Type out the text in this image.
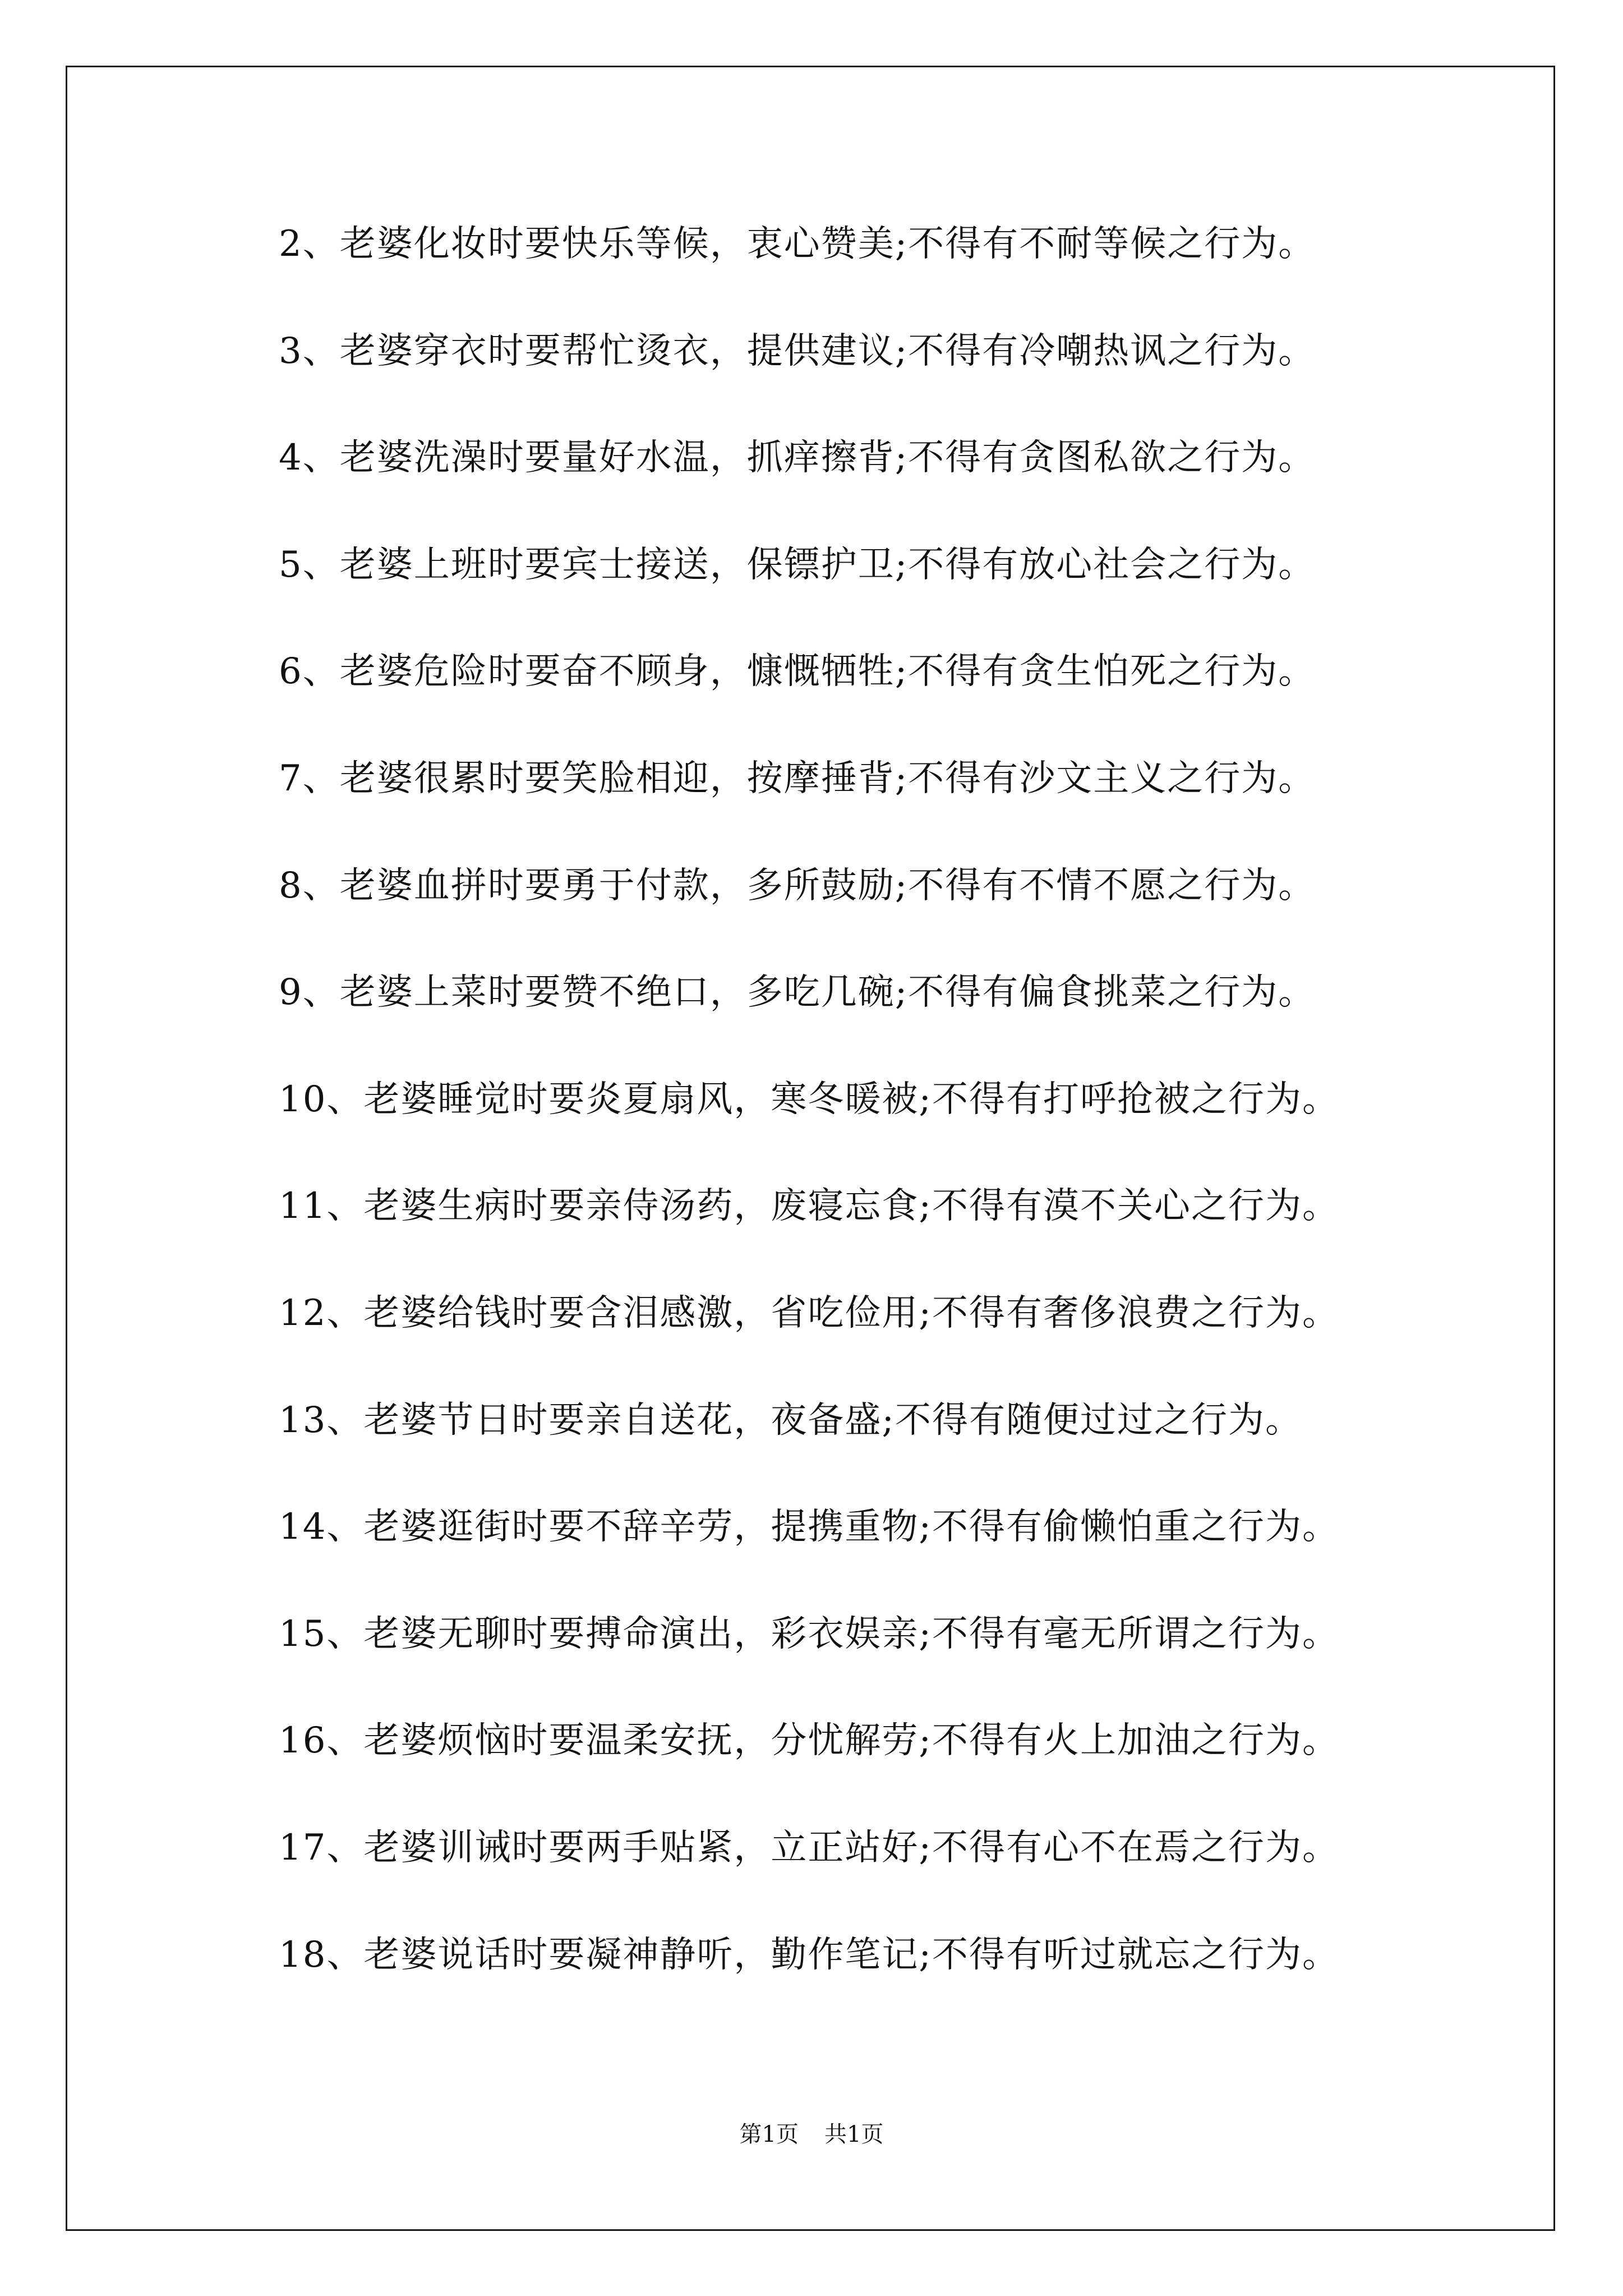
2、老婆化妆时要快乐等候，衷心赞美;不得有不耐等候之行为。
3、老婆穿衣时要帮忙烫衣，提供建议;不得有冷嘲热讽之行为。
4、老婆洗澡时要量好水温，抓痒擦背;不得有贪图私欲之行为。
5、老婆上班时要宾士接送，保镖护卫;不得有放心社会之行为。
6、老婆危险时要奋不顾身，慷慨牺牲;不得有贪生怕死之行为。
7、老婆很累时要笑脸相迎，按摩捶背;不得有沙文主义之行为。
8、老婆血拼时要勇于付款，多所鼓励;不得有不情不愿之行为。
9、老婆上菜时要赞不绝口，多吃几碗;不得有偏食挑菜之行为。
10、老婆睡觉时要炎夏扇风，寒冬暖被;不得有打呼抢被之行为。
11、老婆生病时要亲侍汤药，废寝忘食;不得有漠不关心之行为。
12、老婆给钱时要含泪感激，省吃俭用;不得有奢侈浪费之行为。
13、老婆节日时要亲自送花，夜备盛;不得有随便过过之行为。
14、老婆逛街时要不辞辛劳，提携重物;不得有偷懒怕重之行为。
15、老婆无聊时要搏命演出，彩衣娱亲;不得有毫无所谓之行为。
16、老婆烦恼时要温柔安抚，分忧解劳;不得有火上加油之行为。
17、老婆训诫时要两手贴紧，立正站好;不得有心不在焉之行为。
18、老婆说话时要凝神静听，勤作笔记;不得有听过就忘之行为。
第1页 共1页
